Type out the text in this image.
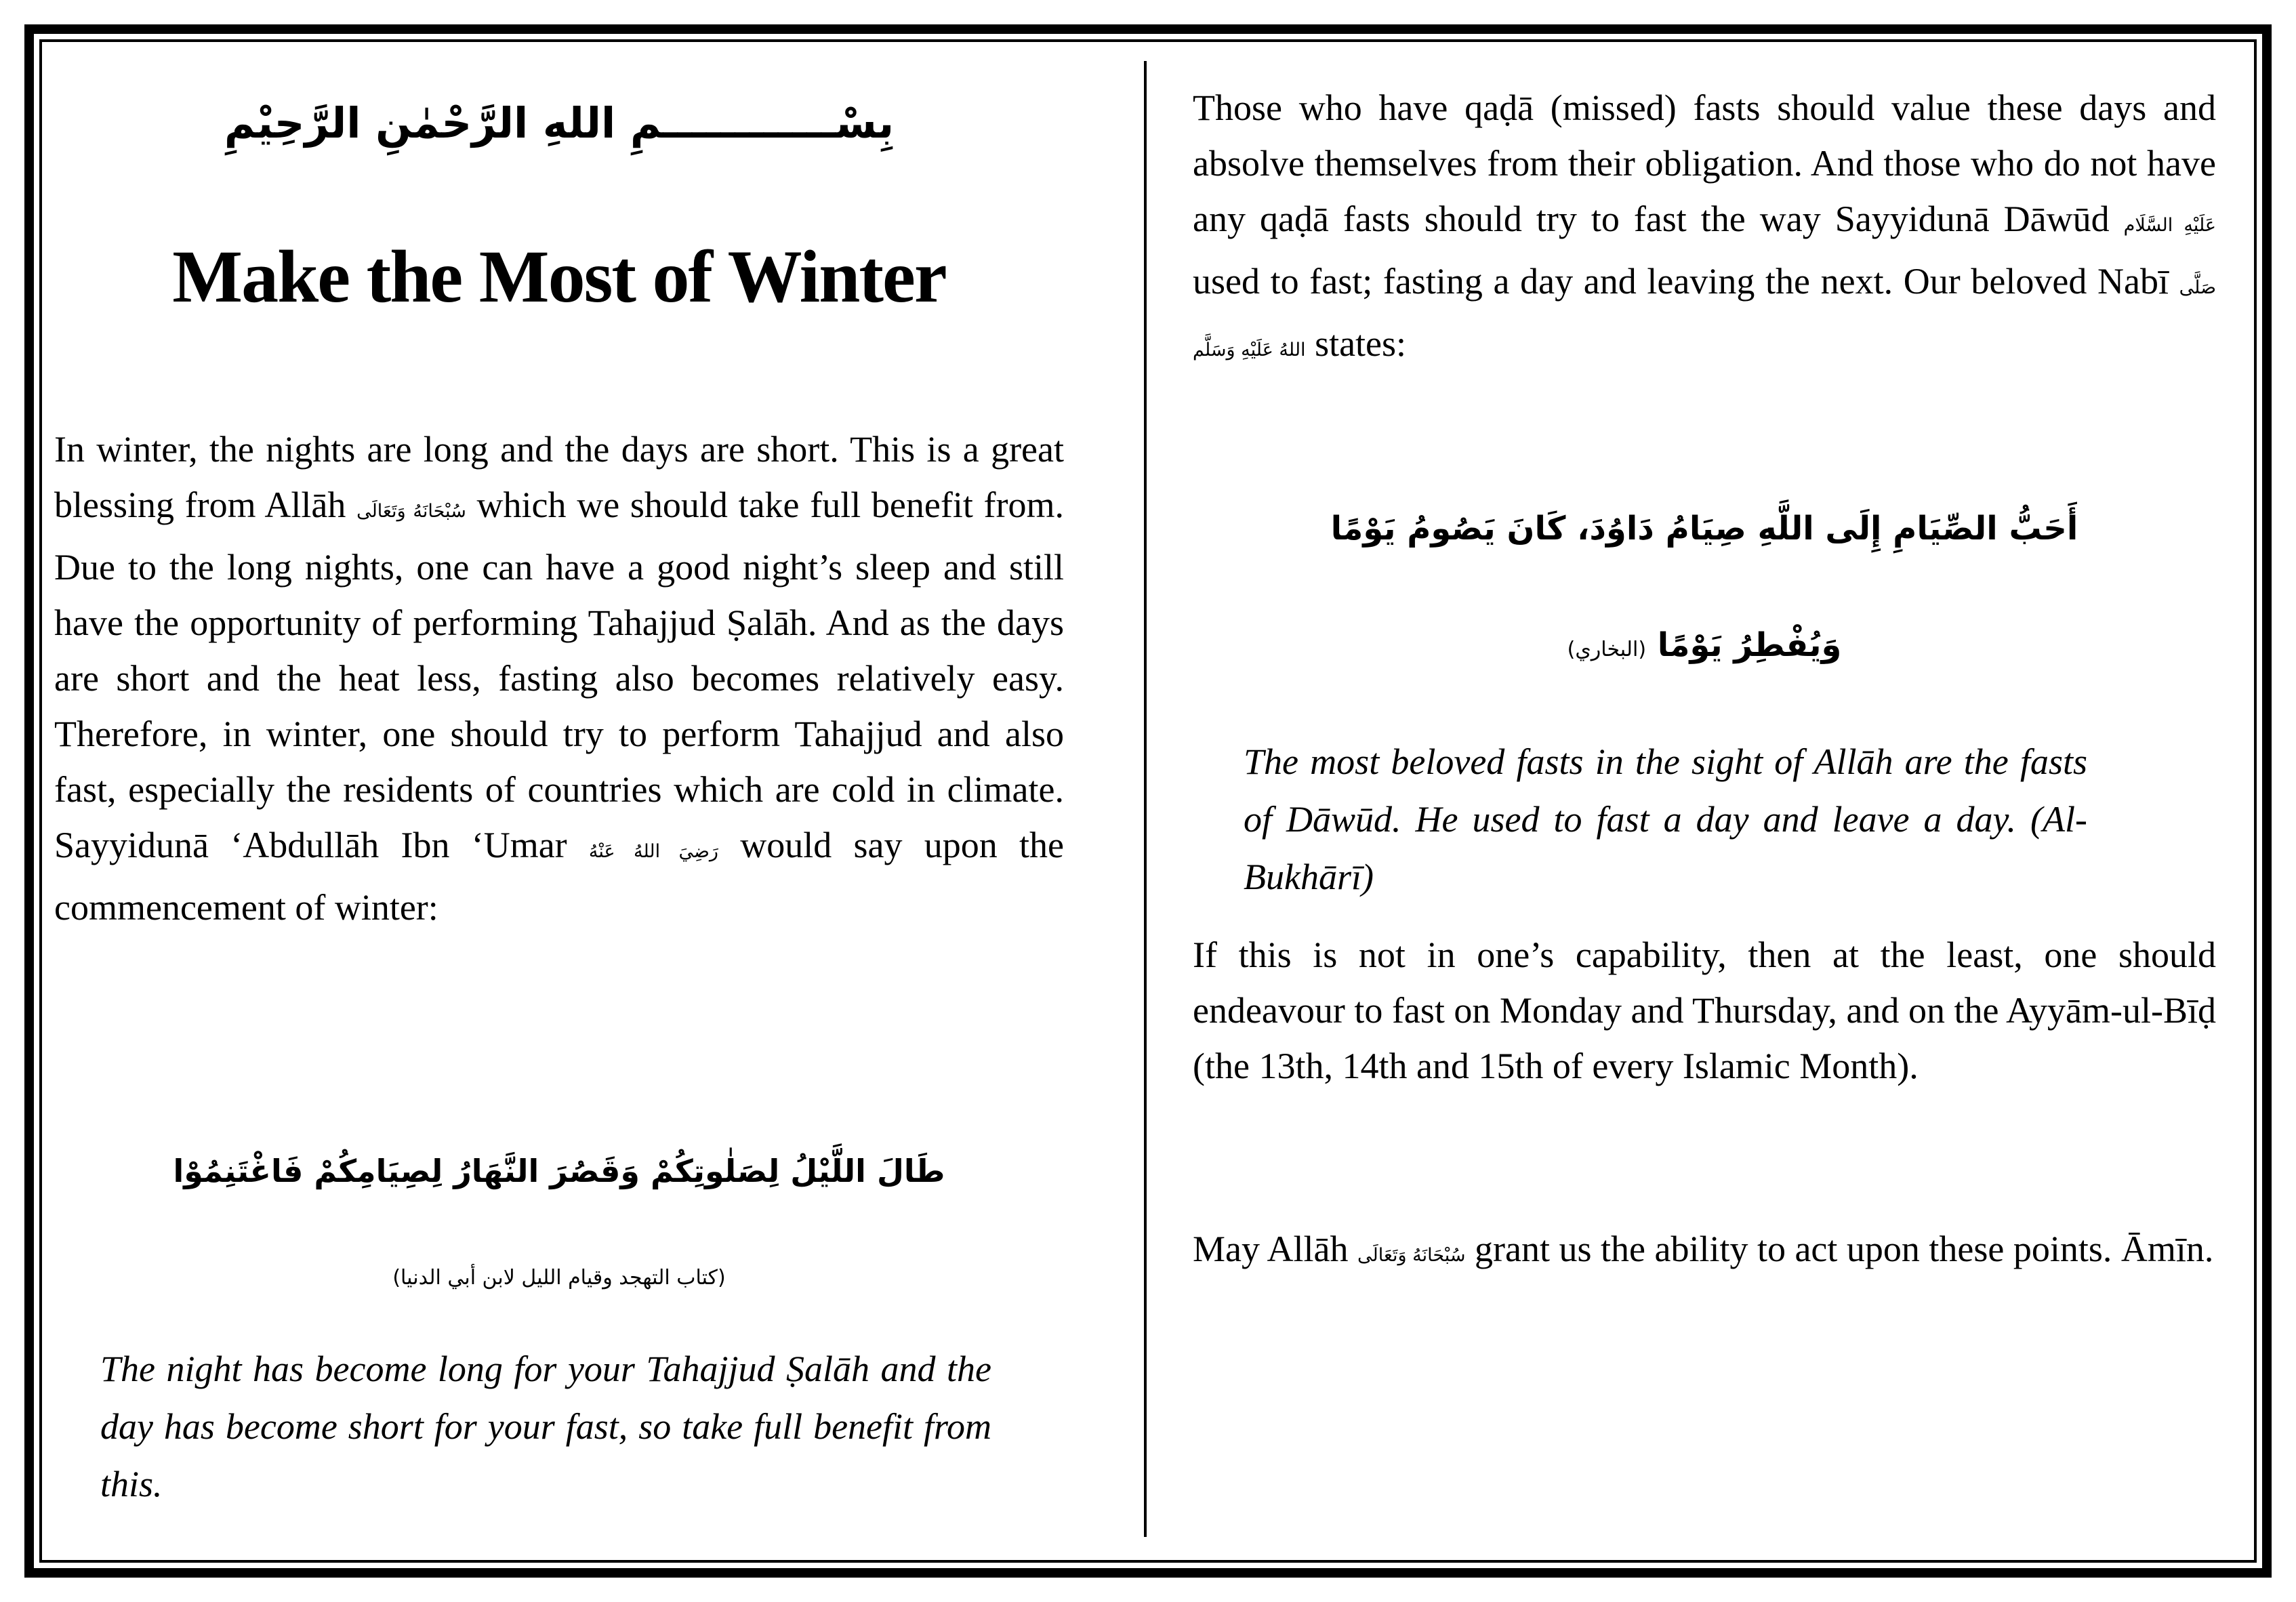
بِسْــــــــــــمِ اللهِ الرَّحْمٰنِ الرَّحِيْمِ
Make the Most of Winter

In winter, the nights are long and the days are short. This is a great blessing from Allāh سُبْحَانَهُ وَتَعَالَى which we should take full benefit from. Due to the long nights, one can have a good night’s sleep and still have the opportunity of performing Tahajjud Ṣalāh. And as the days are short and the heat less, fasting also becomes relatively easy. Therefore, in winter, one should try to perform Tahajjud and also fast, especially the residents of countries which are cold in climate. Sayyidunā ‘Abdullāh Ibn ‘Umar رَضِيَ اللهُ عَنْهُ would say upon the commencement of winter:

طَالَ اللَّيْلُ لِصَلٰوتِكُمْ وَقَصُرَ النَّهَارُ لِصِيَامِكُمْ فَاغْتَنِمُوْا
(كتاب التهجد وقيام الليل لابن أبي الدنيا)

The night has become long for your Tahajjud Ṣalāh and the day has become short for your fast, so take full benefit from this.

Those who have qaḍā (missed) fasts should value these days and absolve themselves from their obligation. And those who do not have any qaḍā fasts should try to fast the way Sayyidunā Dāwūd عَلَيْهِ السَّلَام used to fast; fasting a day and leaving the next. Our beloved Nabī صَلَّى اللهُ عَلَيْهِ وَسَلَّم states:

أَحَبُّ الصِّيَامِ إِلَى اللَّهِ صِيَامُ دَاوُدَ، كَانَ يَصُومُ يَوْمًا
وَيُفْطِرُ يَوْمًا (البخاري)

The most beloved fasts in the sight of Allāh are the fasts of Dāwūd. He used to fast a day and leave a day. (Al-Bukhārī)

If this is not in one’s capability, then at the least, one should endeavour to fast on Monday and Thursday, and on the Ayyām-ul-Bīḍ (the 13th, 14th and 15th of every Islamic Month).

May Allāh سُبْحَانَهُ وَتَعَالَى grant us the ability to act upon these points. Āmīn.
